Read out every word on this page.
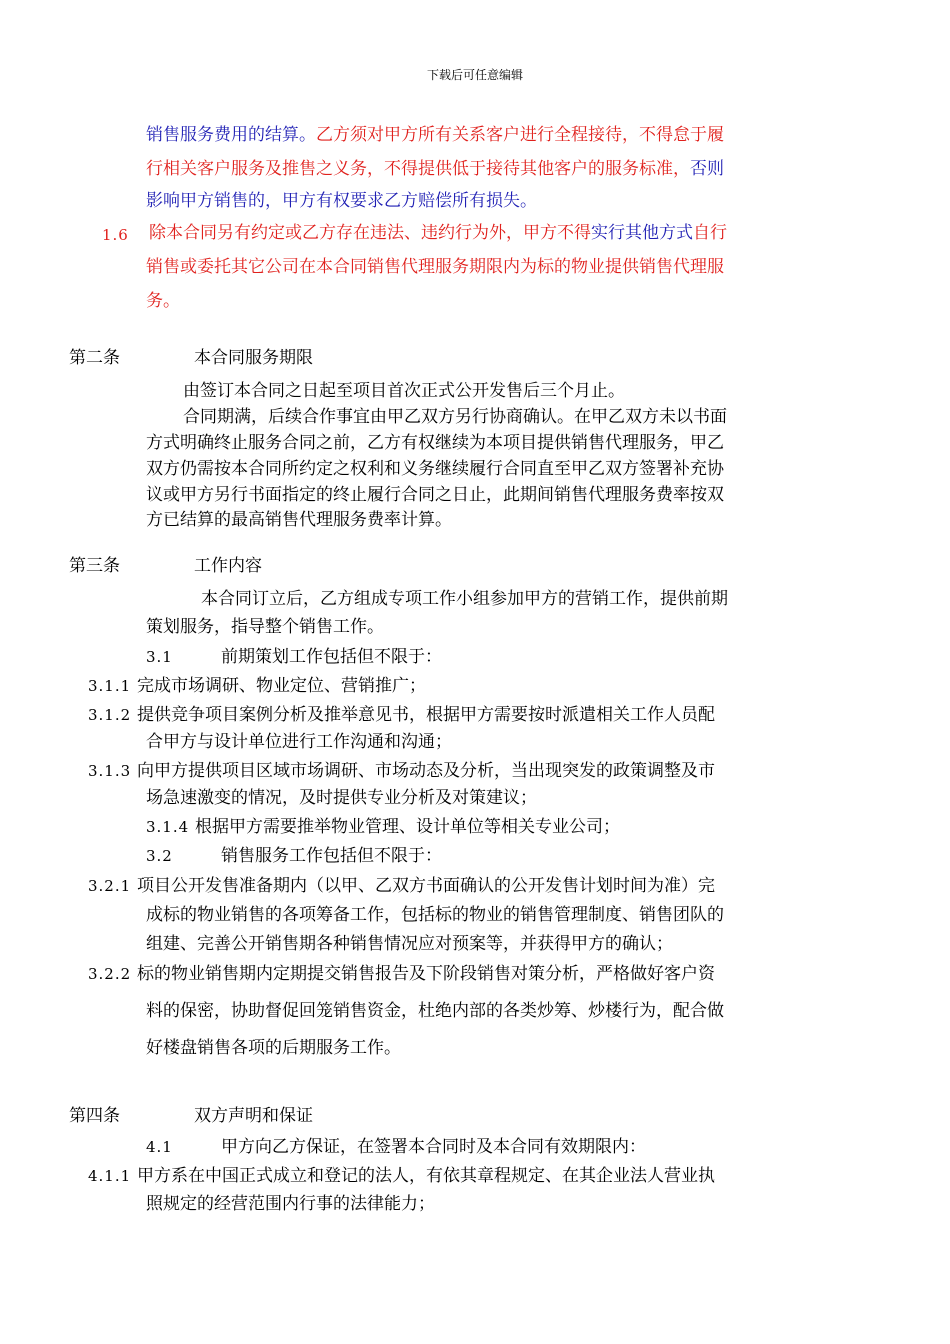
下载后可任意编辑
销售服务费用的结算。乙方须对甲方所有关系客户进行全程接待，不得怠于履
行相关客户服务及推售之义务，不得提供低于接待其他客户的服务标准，否则
影响甲方销售的，甲方有权要求乙方赔偿所有损失。
1.6 除本合同另有约定或乙方存在违法、违约行为外，甲方不得实行其他方式自行
销售或委托其它公司在本合同销售代理服务期限内为标的物业提供销售代理服
务。
第二条	本合同服务期限
由签订本合同之日起至项目首次正式公开发售后三个月止。
合同期满，后续合作事宜由甲乙双方另行协商确认。在甲乙双方未以书面
方式明确终止服务合同之前，乙方有权继续为本项目提供销售代理服务，甲乙
双方仍需按本合同所约定之权利和义务继续履行合同直至甲乙双方签署补充协
议或甲方另行书面指定的终止履行合同之日止，此期间销售代理服务费率按双
方已结算的最高销售代理服务费率计算。
第三条	工作内容
本合同订立后，乙方组成专项工作小组参加甲方的营销工作，提供前期
策划服务，指导整个销售工作。
3.1	前期策划工作包括但不限于：
3.1.1 完成市场调研、物业定位、营销推广；
3.1.2 提供竞争项目案例分析及推举意见书，根据甲方需要按时派遣相关工作人员配
合甲方与设计单位进行工作沟通和沟通；
3.1.3 向甲方提供项目区域市场调研、市场动态及分析，当出现突发的政策调整及市
场急速激变的情况，及时提供专业分析及对策建议；
3.1.4 根据甲方需要推举物业管理、设计单位等相关专业公司；
3.2	销售服务工作包括但不限于：
3.2.1 项目公开发售准备期内（以甲、乙双方书面确认的公开发售计划时间为准）完
成标的物业销售的各项筹备工作，包括标的物业的销售管理制度、销售团队的
组建、完善公开销售期各种销售情况应对预案等，并获得甲方的确认；
3.2.2 标的物业销售期内定期提交销售报告及下阶段销售对策分析，严格做好客户资
料的保密，协助督促回笼销售资金，杜绝内部的各类炒筹、炒楼行为，配合做
好楼盘销售各项的后期服务工作。
第四条	双方声明和保证
4.1	甲方向乙方保证，在签署本合同时及本合同有效期限内：
4.1.1 甲方系在中国正式成立和登记的法人，有依其章程规定、在其企业法人营业执
照规定的经营范围内行事的法律能力；
